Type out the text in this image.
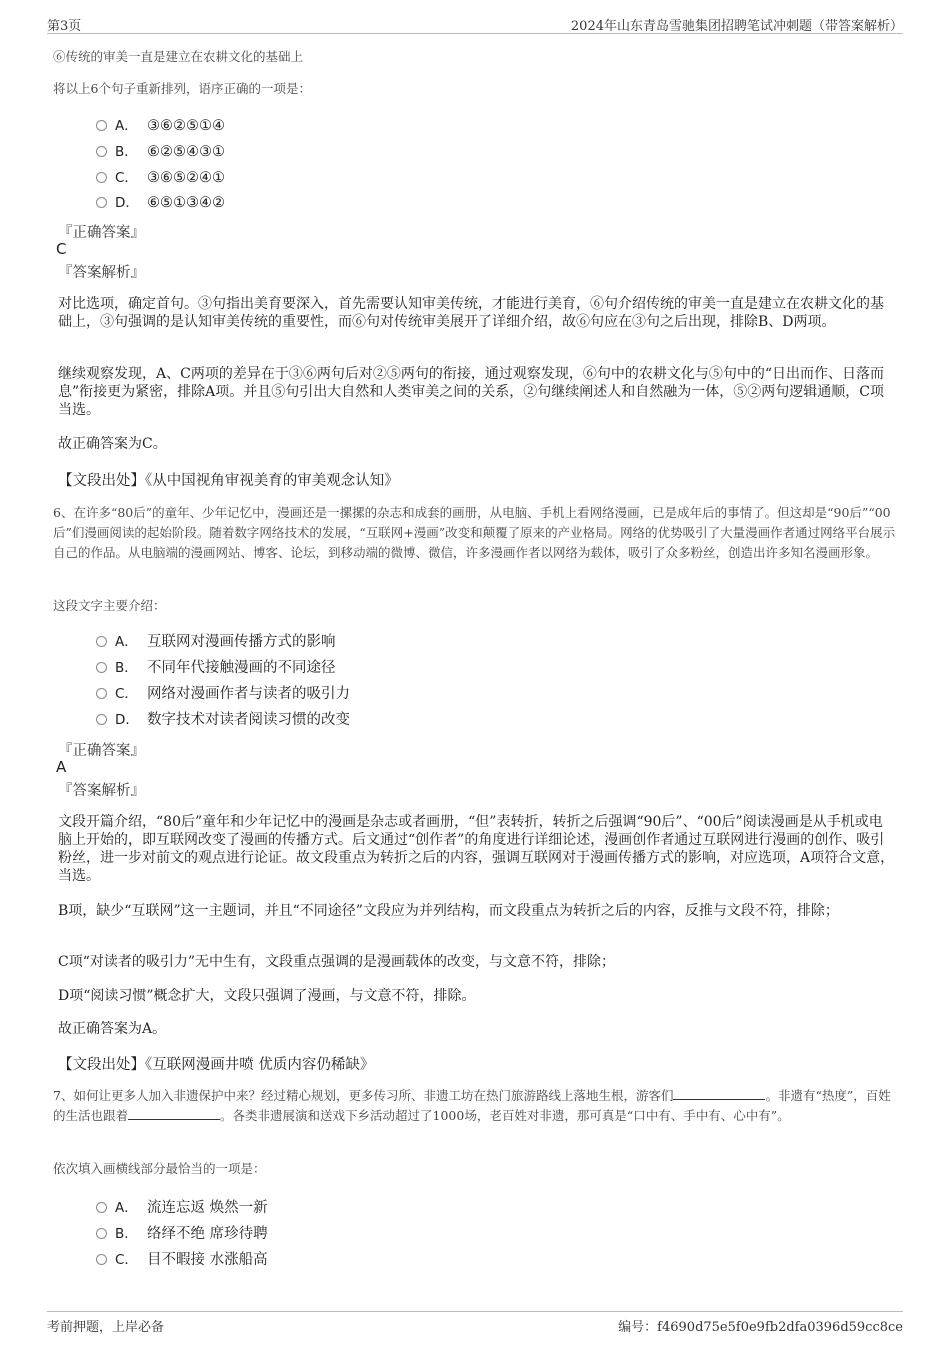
第3页	2024年山东青岛雪驰集团招聘笔试冲刺题（带答案解析）

⑥传统的审美一直是建立在农耕文化的基础上

将以上6个句子重新排列，语序正确的一项是：

A． ③⑥②⑤①④
B． ⑥②⑤④③①
C． ③⑥⑤②④①
D． ⑥⑤①③④②

『正确答案』

C

『答案解析』

对比选项，确定首句。③句指出美育要深入，首先需要认知审美传统，才能进行美育，⑥句介绍传统的审美一直是建立在农耕文化的基础上，③句强调的是认知审美传统的重要性，而⑥句对传统审美展开了详细介绍，故⑥句应在③句之后出现，排除B、D两项。

继续观察发现，A、C两项的差异在于③⑥两句后对②⑤两句的衔接，通过观察发现，⑥句中的农耕文化与⑤句中的“日出而作、日落而息”衔接更为紧密，排除A项。并且⑤句引出大自然和人类审美之间的关系，②句继续阐述人和自然融为一体，⑤②两句逻辑通顺，C项当选。

故正确答案为C。

【文段出处】《从中国视角审视美育的审美观念认知》

6、在许多“80后”的童年、少年记忆中，漫画还是一摞摞的杂志和成套的画册，从电脑、手机上看网络漫画，已是成年后的事情了。但这却是“90后”“00后”们漫画阅读的起始阶段。随着数字网络技术的发展，“互联网+漫画”改变和颠覆了原来的产业格局。网络的优势吸引了大量漫画作者通过网络平台展示自己的作品。从电脑端的漫画网站、博客、论坛，到移动端的微博、微信，许多漫画作者以网络为载体，吸引了众多粉丝，创造出许多知名漫画形象。

这段文字主要介绍：

A． 互联网对漫画传播方式的影响
B． 不同年代接触漫画的不同途径
C． 网络对漫画作者与读者的吸引力
D． 数字技术对读者阅读习惯的改变

『正确答案』

A

『答案解析』

文段开篇介绍，“80后”童年和少年记忆中的漫画是杂志或者画册，“但”表转折，转折之后强调“90后”、“00后”阅读漫画是从手机或电脑上开始的，即互联网改变了漫画的传播方式。后文通过“创作者”的角度进行详细论述，漫画创作者通过互联网进行漫画的创作、吸引粉丝，进一步对前文的观点进行论证。故文段重点为转折之后的内容，强调互联网对于漫画传播方式的影响，对应选项，A项符合文意，当选。

B项，缺少“互联网”这一主题词，并且“不同途径”文段应为并列结构，而文段重点为转折之后的内容，反推与文段不符，排除；

C项“对读者的吸引力”无中生有，文段重点强调的是漫画载体的改变，与文意不符，排除；

D项“阅读习惯”概念扩大，文段只强调了漫画，与文意不符，排除。

故正确答案为A。

【文段出处】《互联网漫画井喷 优质内容仍稀缺》

7、如何让更多人加入非遗保护中来？经过精心规划，更多传习所、非遗工坊在热门旅游路线上落地生根，游客们	。非遗有“热度”，百姓的生活也跟着	。各类非遗展演和送戏下乡活动超过了1000场，老百姓对非遗，那可真是“口中有、手中有、心中有”。

依次填入画横线部分最恰当的一项是：

A． 流连忘返 焕然一新
B． 络绎不绝 席珍待聘
C． 目不暇接 水涨船高
考前押题，上岸必备	编号：f4690d75e5f0e9fb2dfa0396d59cc8ce
